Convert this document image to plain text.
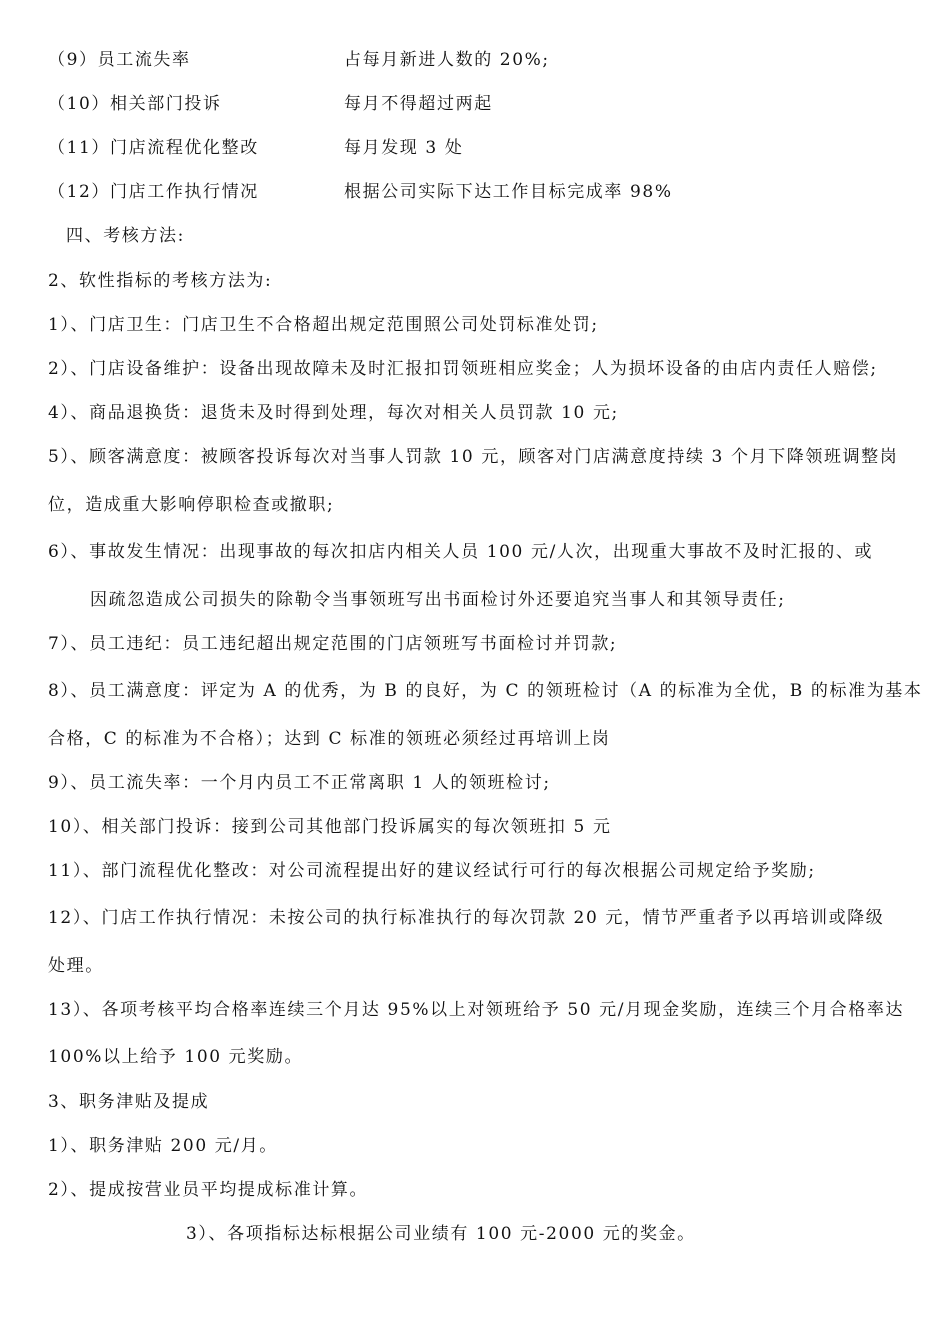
（9）员工流失率	占每月新进人数的 20%;
（10）相关部门投诉	每月不得超过两起
（11）门店流程优化整改	每月发现 3 处
（12）门店工作执行情况	根据公司实际下达工作目标完成率 98%
四、考核方法:
2、软性指标的考核方法为:
1）、门店卫生：门店卫生不合格超出规定范围照公司处罚标准处罚;
2）、门店设备维护：设备出现故障未及时汇报扣罚领班相应奖金；人为损坏设备的由店内责任人赔偿;
4）、商品退换货：退货未及时得到处理，每次对相关人员罚款 10 元;
5）、顾客满意度：被顾客投诉每次对当事人罚款 10 元，顾客对门店满意度持续 3 个月下降领班调整岗
位，造成重大影响停职检查或撤职;
6）、事故发生情况：出现事故的每次扣店内相关人员 100 元/人次，出现重大事故不及时汇报的、或
因疏忽造成公司损失的除勒令当事领班写出书面检讨外还要追究当事人和其领导责任;
7）、员工违纪：员工违纪超出规定范围的门店领班写书面检讨并罚款;
8）、员工满意度：评定为 A 的优秀，为 B 的良好，为 C 的领班检讨（A 的标准为全优，B 的标准为基本
合格，C 的标准为不合格）；达到 C 标准的领班必须经过再培训上岗
9）、员工流失率：一个月内员工不正常离职 1 人的领班检讨;
10）、相关部门投诉：接到公司其他部门投诉属实的每次领班扣 5 元
11）、部门流程优化整改：对公司流程提出好的建议经试行可行的每次根据公司规定给予奖励;
12）、门店工作执行情况：未按公司的执行标准执行的每次罚款 20 元，情节严重者予以再培训或降级
处理。
13）、各项考核平均合格率连续三个月达 95%以上对领班给予 50 元/月现金奖励，连续三个月合格率达
100%以上给予 100 元奖励。
3、职务津贴及提成
1）、职务津贴 200 元/月。
2）、提成按营业员平均提成标准计算。
3）、各项指标达标根据公司业绩有 100 元-2000 元的奖金。
